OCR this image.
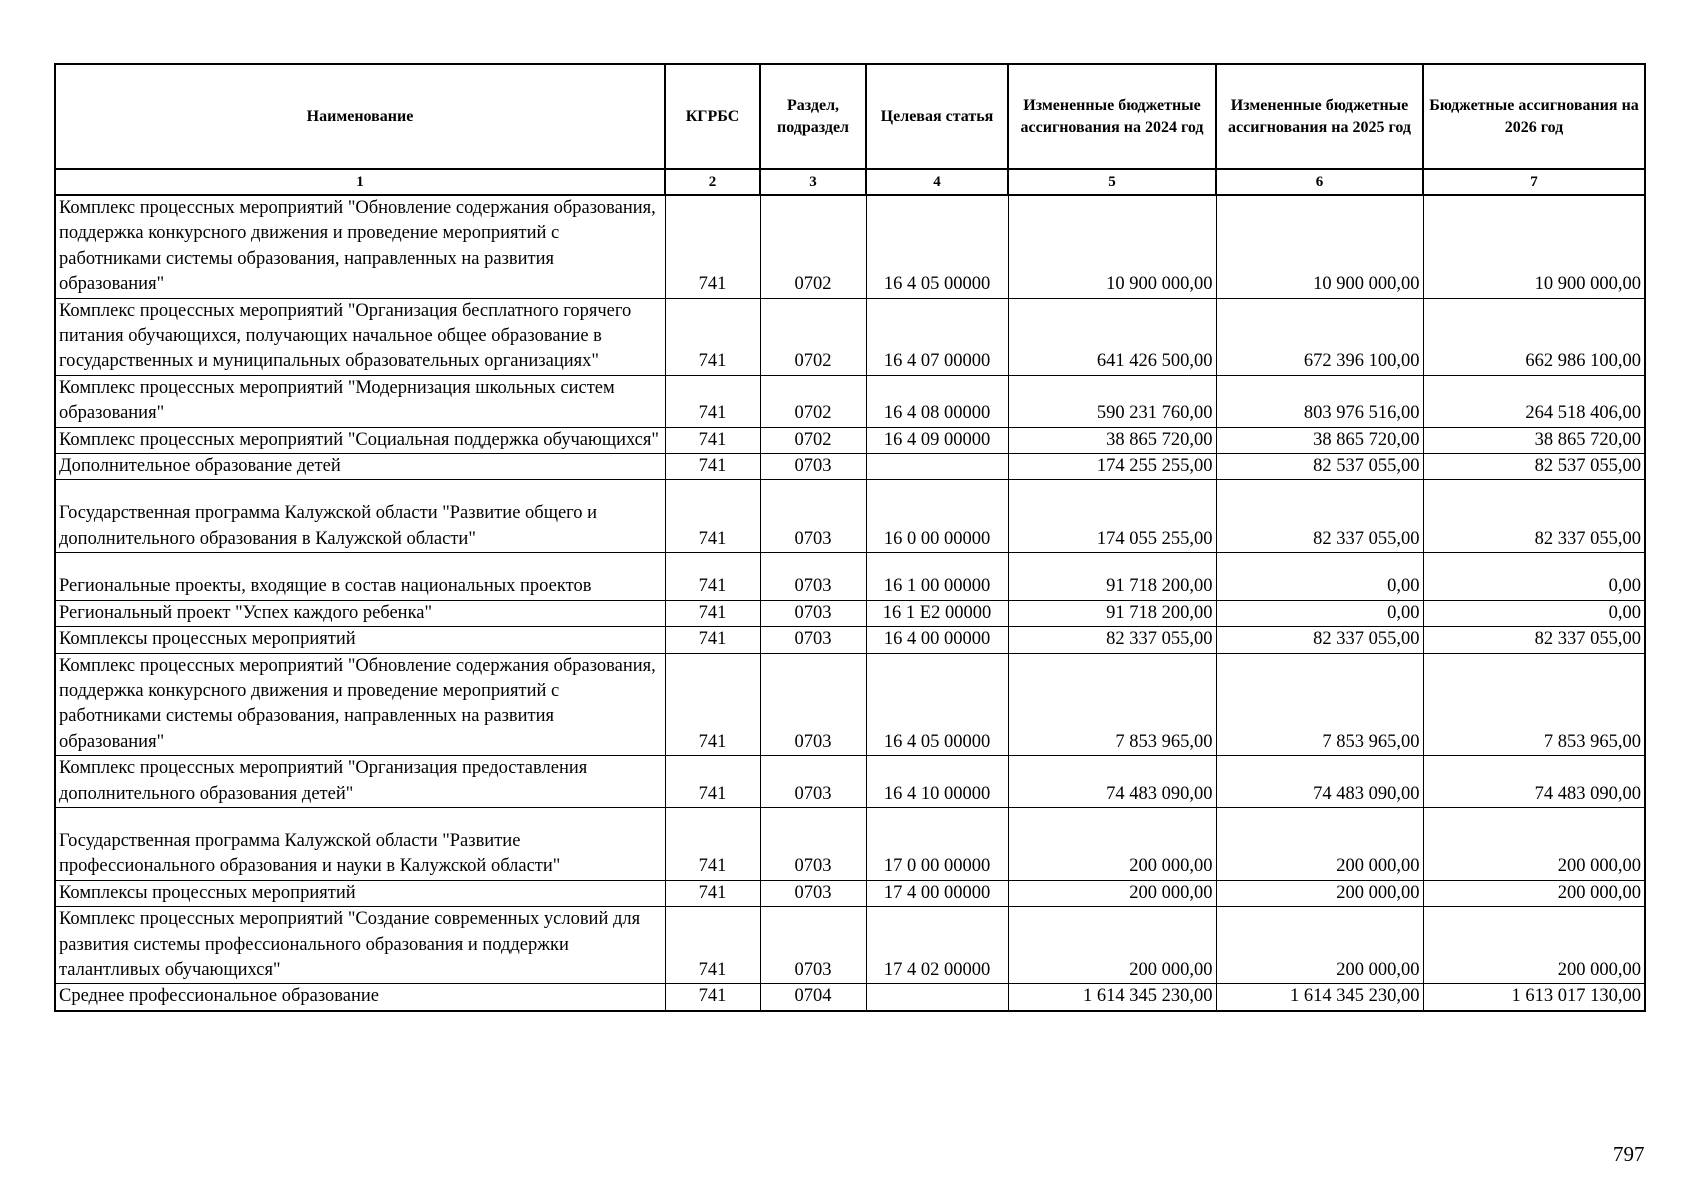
Наименование	КГРБС	Раздел, подраздел	Целевая статья	Измененные бюджетные ассигнования на 2024 год	Измененные бюджетные ассигнования на 2025 год	Бюджетные ассигнования на 2026 год
1	2	3	4	5	6	7
Комплекс процессных мероприятий "Обновление содержания образования, поддержка конкурсного движения и проведение мероприятий с работниками системы образования, направленных на развития образования"	741	0702	16 4 05 00000	10 900 000,00	10 900 000,00	10 900 000,00
Комплекс процессных мероприятий "Организация бесплатного горячего питания обучающихся, получающих начальное общее образование в государственных и муниципальных образовательных организациях"	741	0702	16 4 07 00000	641 426 500,00	672 396 100,00	662 986 100,00
Комплекс процессных мероприятий "Модернизация школьных систем образования"	741	0702	16 4 08 00000	590 231 760,00	803 976 516,00	264 518 406,00
Комплекс процессных мероприятий "Социальная поддержка обучающихся"	741	0702	16 4 09 00000	38 865 720,00	38 865 720,00	38 865 720,00
Дополнительное образование детей	741	0703		174 255 255,00	82 537 055,00	82 537 055,00
Государственная программа Калужской области "Развитие общего и дополнительного образования в Калужской области"	741	0703	16 0 00 00000	174 055 255,00	82 337 055,00	82 337 055,00
Региональные проекты, входящие в состав национальных проектов	741	0703	16 1 00 00000	91 718 200,00	0,00	0,00
Региональный проект "Успех каждого ребенка"	741	0703	16 1 E2 00000	91 718 200,00	0,00	0,00
Комплексы процессных мероприятий	741	0703	16 4 00 00000	82 337 055,00	82 337 055,00	82 337 055,00
Комплекс процессных мероприятий "Обновление содержания образования, поддержка конкурсного движения и проведение мероприятий с работниками системы образования, направленных на развития образования"	741	0703	16 4 05 00000	7 853 965,00	7 853 965,00	7 853 965,00
Комплекс процессных мероприятий "Организация предоставления дополнительного образования детей"	741	0703	16 4 10 00000	74 483 090,00	74 483 090,00	74 483 090,00
Государственная программа Калужской области "Развитие профессионального образования и науки в Калужской области"	741	0703	17 0 00 00000	200 000,00	200 000,00	200 000,00
Комплексы процессных мероприятий	741	0703	17 4 00 00000	200 000,00	200 000,00	200 000,00
Комплекс процессных мероприятий "Создание современных условий для развития системы профессионального образования и поддержки талантливых обучающихся"	741	0703	17 4 02 00000	200 000,00	200 000,00	200 000,00
Среднее профессиональное образование	741	0704		1 614 345 230,00	1 614 345 230,00	1 613 017 130,00
797
